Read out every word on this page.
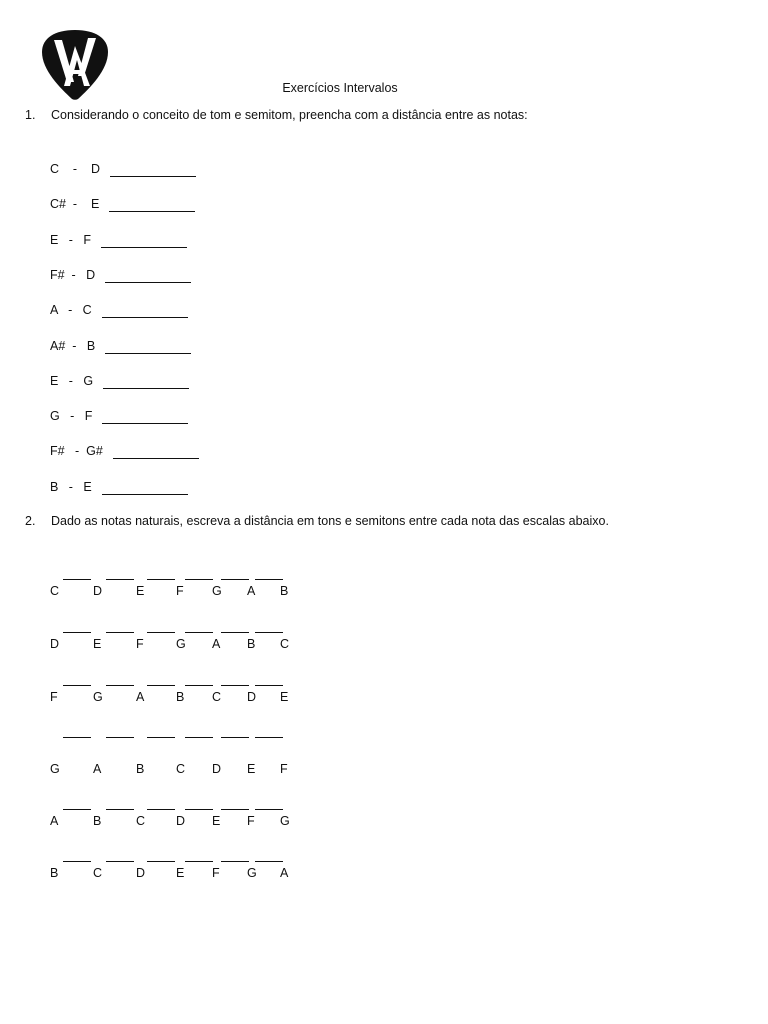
Exercícios Intervalos
1. Considerando o conceito de tom e semitom, preencha com a distância entre as notas:
C    -    D
C#  -    E
E   -   F
F#  -   D
A   -   C
A#  -   B
E   -   G
G   -   F
F#   -  G#
B   -   E
2. Dado as notas naturais, escreva a distância em tons e semitons entre cada nota das escalas abaixo.
C	D	E	F G A B
D	E	F	G A B C
F	G	A	B C D E
G	A	B	C D E F
A	B	C D E F G
B	C	D E F G A
